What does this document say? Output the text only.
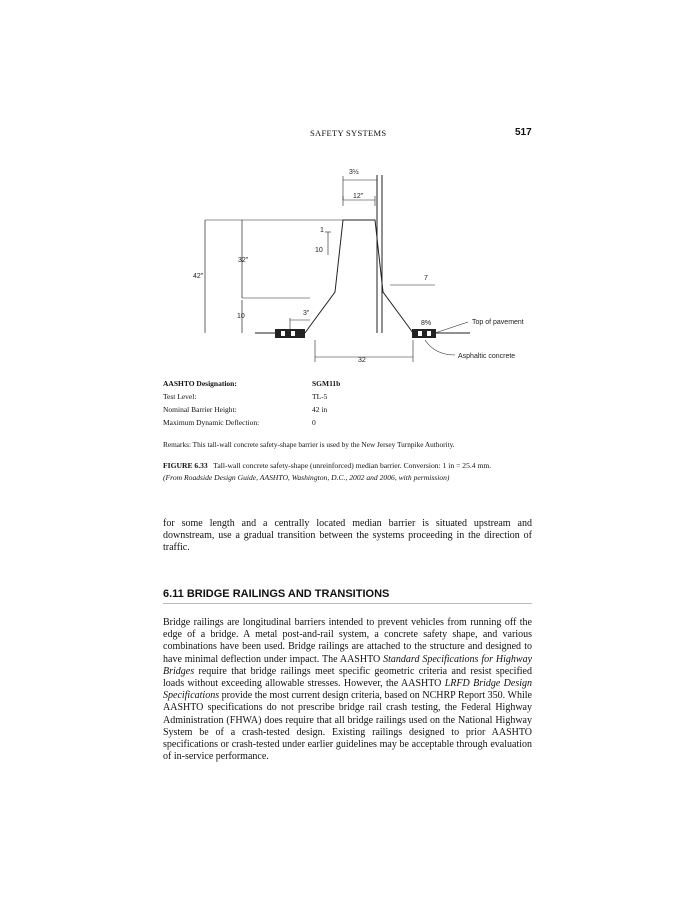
SAFETY SYSTEMS	517
3½
12"
1
10
32"
42"
10	3"
7
8%
32
Top of pavement
Asphaltic concrete
AASHTO Designation:	SGM11b
Test Level:	TL-5
Nominal Barrier Height:	42 in
Maximum Dynamic Deflection:	0
Remarks: This tall-wall concrete safety-shape barrier is used by the New Jersey Turnpike Authority.
FIGURE 6.33 Tall-wall concrete safety-shape (unreinforced) median barrier. Conversion: 1 in = 25.4 mm.
(From Roadside Design Guide, AASHTO, Washington, D.C., 2002 and 2006, with permission)
for some length and a centrally located median barrier is situated upstream and downstream, use a gradual transition between the systems proceeding in the direction of traffic.
6.11 BRIDGE RAILINGS AND TRANSITIONS
Bridge railings are longitudinal barriers intended to prevent vehicles from running off the edge of a bridge. A metal post-and-rail system, a concrete safety shape, and various combinations have been used. Bridge railings are attached to the structure and designed to have minimal deflection under impact. The AASHTO Standard Specifications for Highway Bridges require that bridge railings meet specific geometric criteria and resist specified loads without exceeding allowable stresses. However, the AASHTO LRFD Bridge Design Specifications provide the most current design criteria, based on NCHRP Report 350. While AASHTO specifications do not prescribe bridge rail crash testing, the Federal Highway Administration (FHWA) does require that all bridge railings used on the National Highway System be of a crash-tested design. Existing railings designed to prior AASHTO specifications or crash-tested under earlier guidelines may be acceptable through evaluation of in-service performance.
